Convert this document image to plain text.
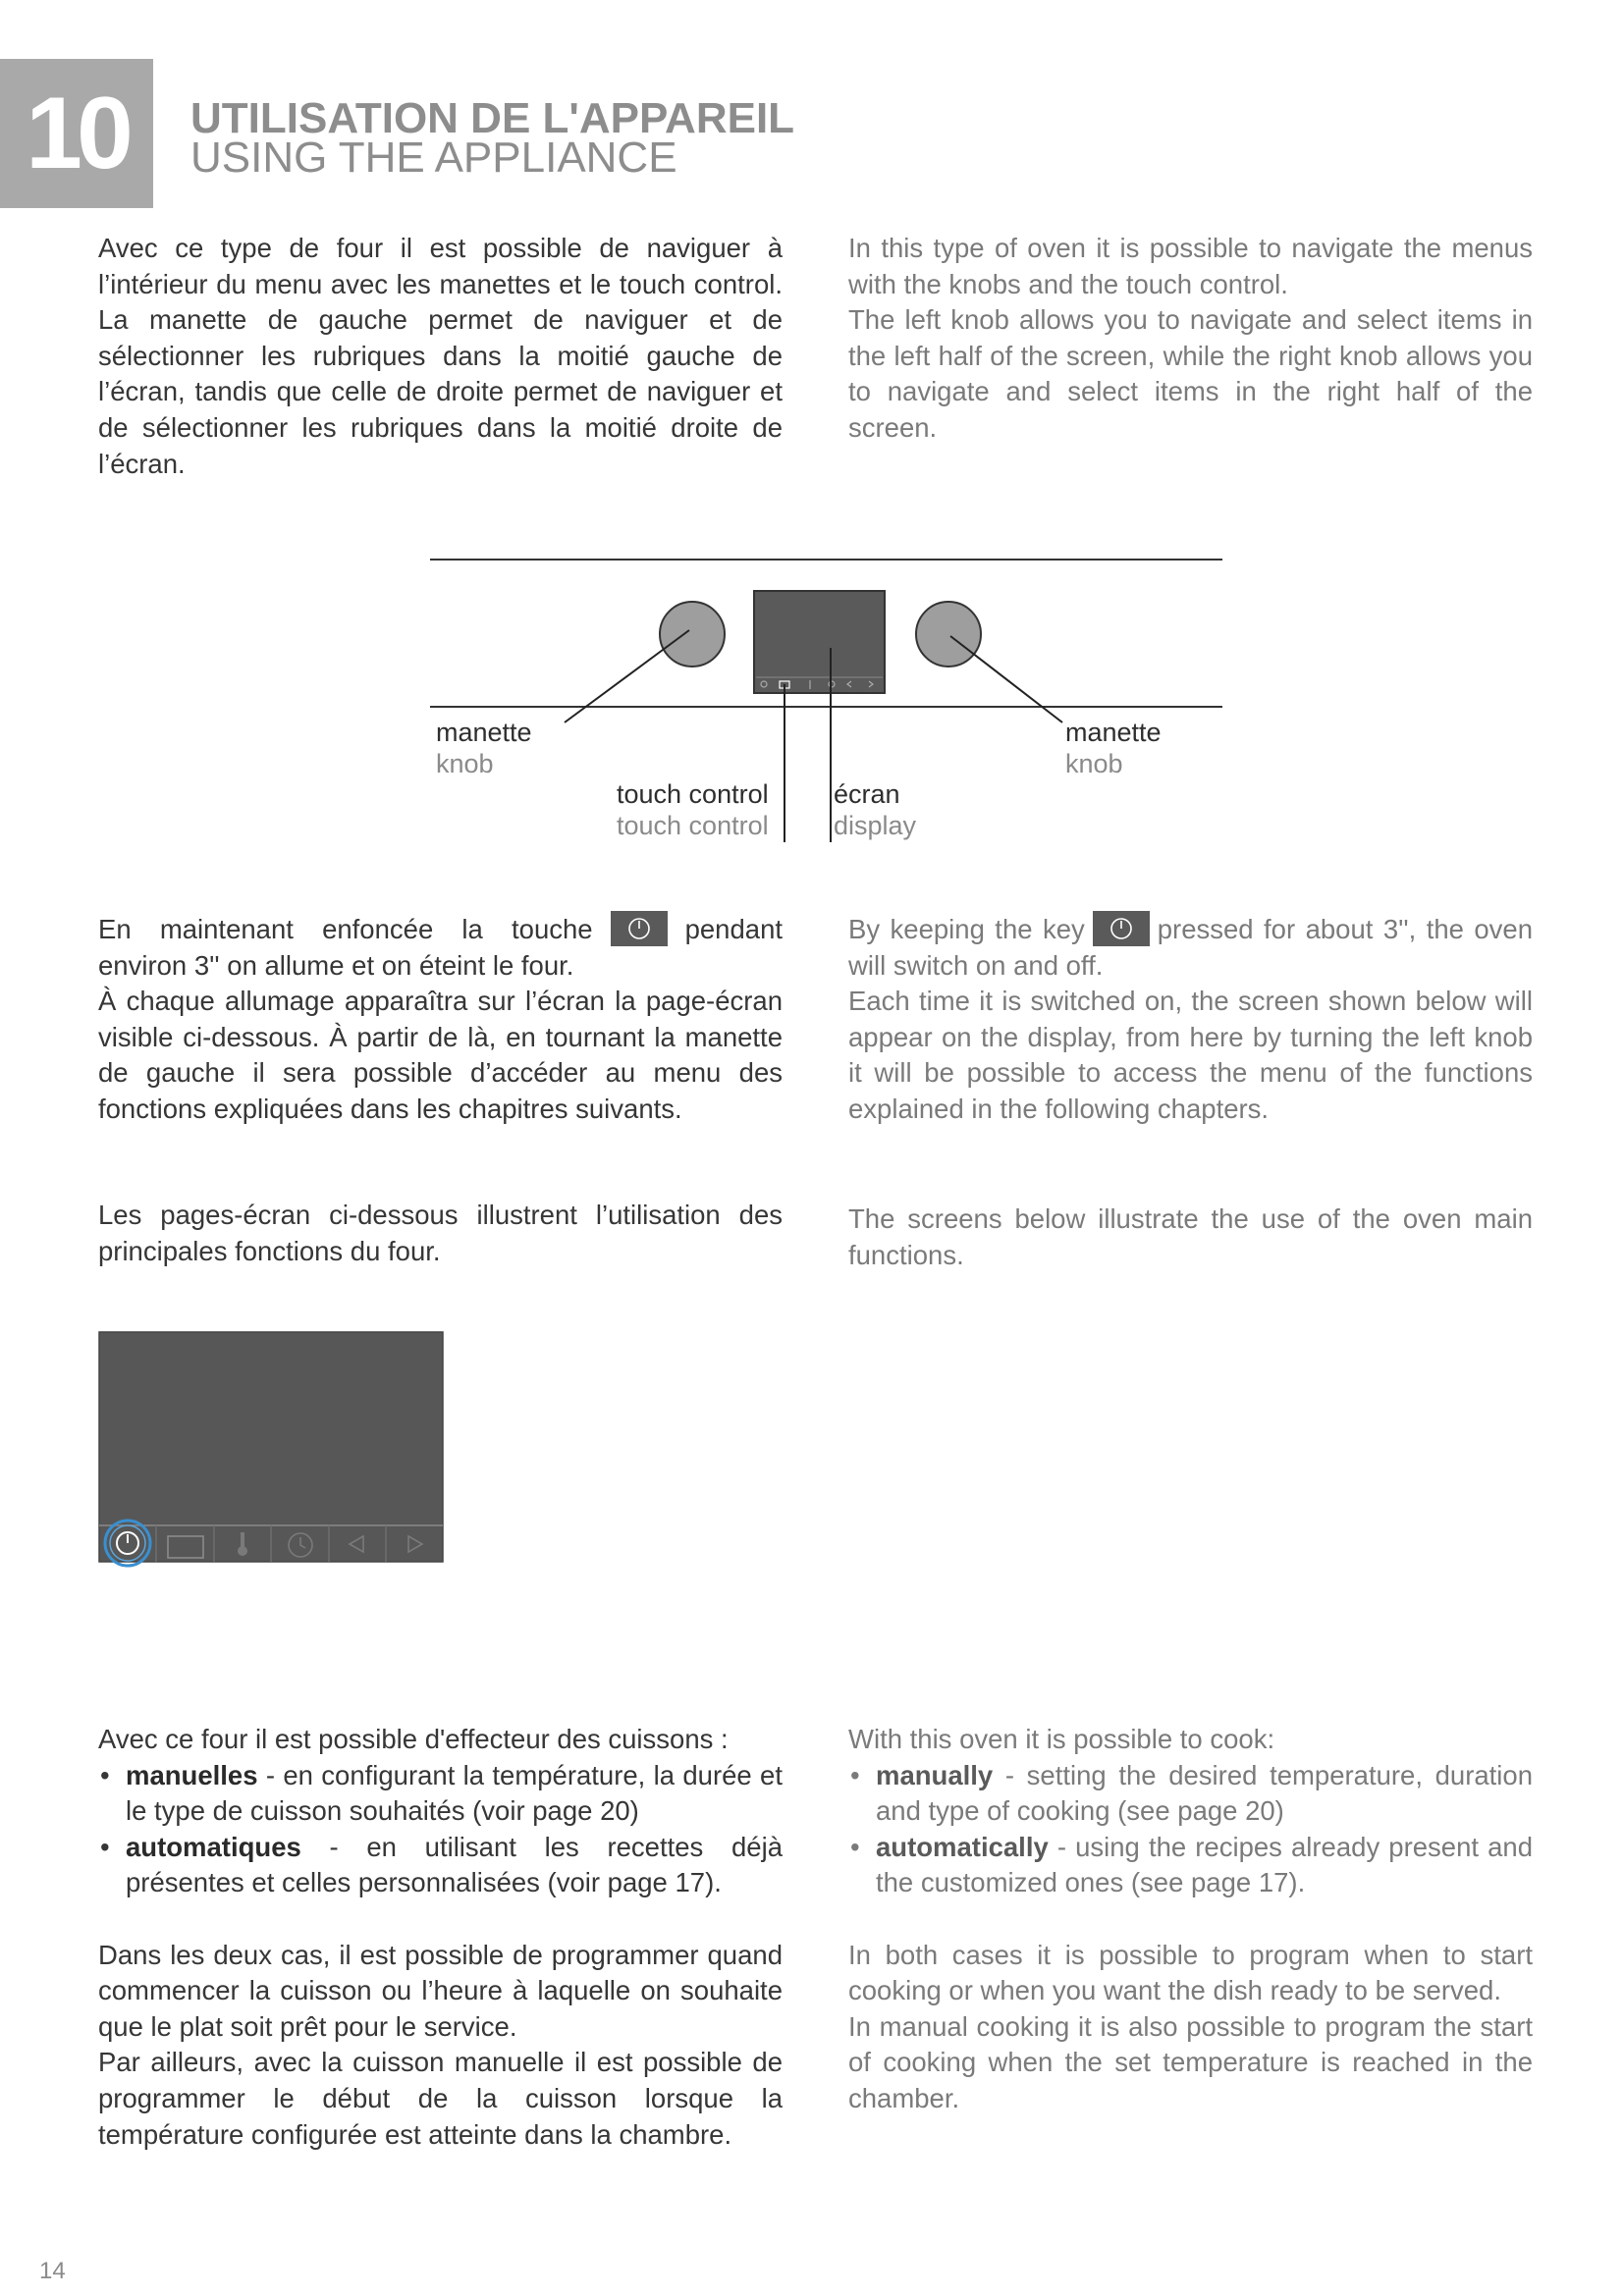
10	UTILISATION DE L'APPAREIL
USING THE APPLIANCE

Avec ce type de four il est possible de naviguer à l’intérieur du menu avec les manettes et le touch control. La manette de gauche permet de naviguer et de sélectionner les rubriques dans la moitié gauche de l’écran, tandis que celle de droite permet de naviguer et de sélectionner les rubriques dans la moitié droite de l’écran.

In this type of oven it is possible to navigate the menus with the knobs and the touch control.

The left knob allows you to navigate and select items in the left half of the screen, while the right knob allows you to navigate and select items in the right half of the screen.

manette
knob
touch control
touch control
écran
display
manette
knob

En maintenant enfoncée la touche	pendant environ 3'' on allume et on éteint le four.

À chaque allumage apparaîtra sur l’écran la page-écran visible ci-dessous. À partir de là, en tournant la manette de gauche il sera possible d’accéder au menu des fonctions expliquées dans les chapitres suivants.

By keeping the key	pressed for about 3'', the oven will switch on and off.

Each time it is switched on, the screen shown below will appear on the display, from here by turning the left knob it will be possible to access the menu of the functions explained in the following chapters.

Les pages-écran ci-dessous illustrent l’utilisation des principales fonctions du four.

The screens below illustrate the use of the oven main functions.

Avec ce four il est possible d'effecteur des cuissons :

• manuelles - en configurant la température, la durée et le type de cuisson souhaités (voir page 20)
• automatiques - en utilisant les recettes déjà présentes et celles personnalisées (voir page 17).

Dans les deux cas, il est possible de programmer quand commencer la cuisson ou l’heure à laquelle on souhaite que le plat soit prêt pour le service.

Par ailleurs, avec la cuisson manuelle il est possible de programmer le début de la cuisson lorsque la température configurée est atteinte dans la chambre.

With this oven it is possible to cook:

• manually - setting the desired temperature, duration and type of cooking (see page 20)
• automatically - using the recipes already present and the customized ones (see page 17).

In both cases it is possible to program when to start cooking or when you want the dish ready to be served.

In manual cooking it is also possible to program the start of cooking when the set temperature is reached in the chamber.

14
